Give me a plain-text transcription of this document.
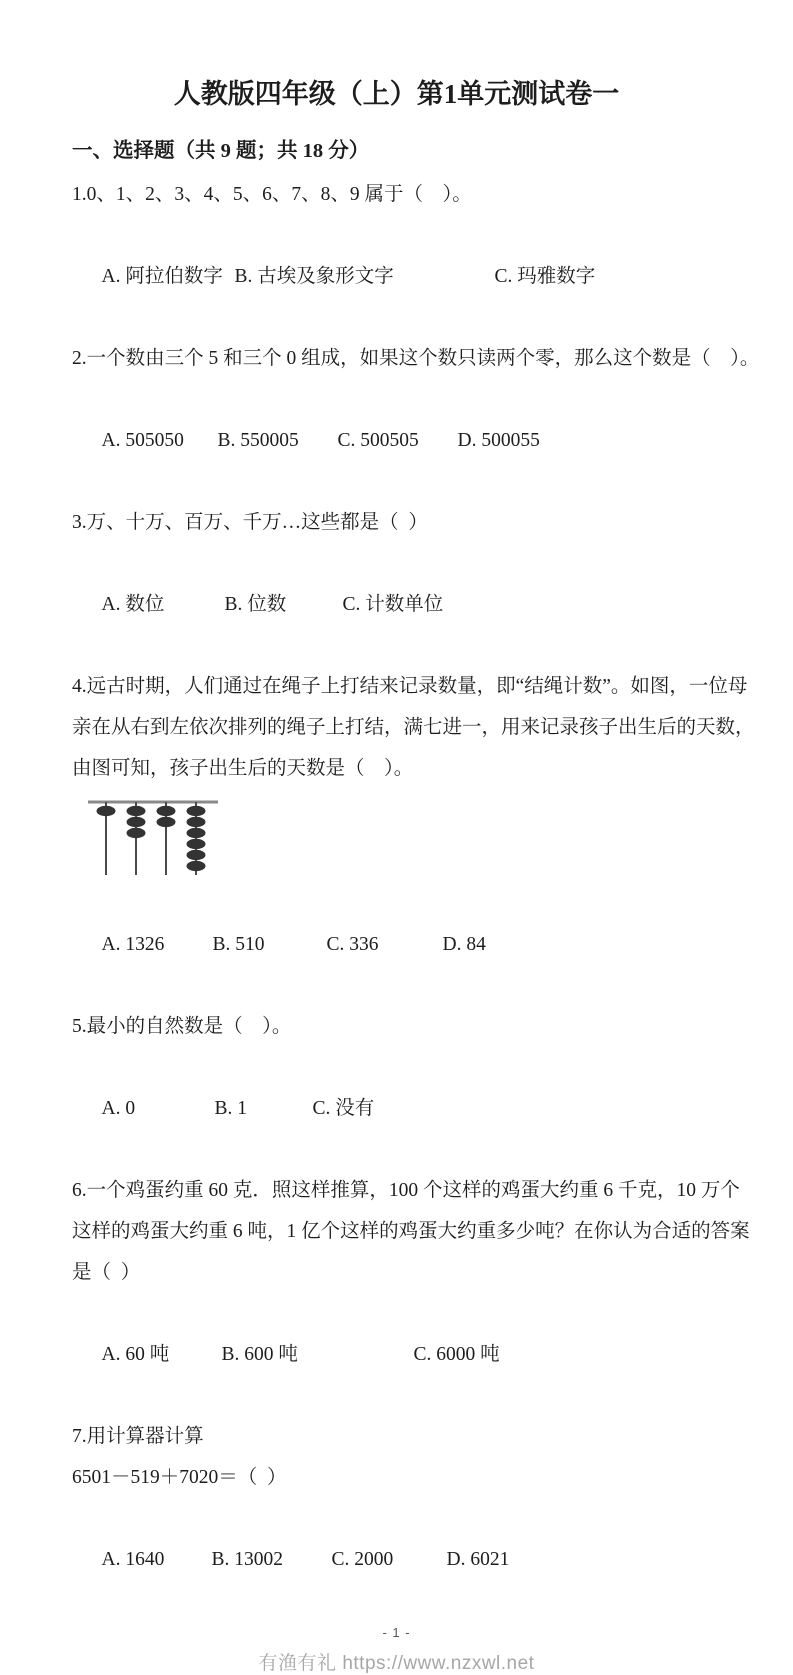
人教版四年级（上）第1单元测试卷一
一、选择题（共 9 题；共 18 分）

1.0、1、2、3、4、5、6、7、8、9 属于（    ）。

A. 阿拉伯数字 B. 古埃及象形文字	C. 玛雅数字

2.一个数由三个 5 和三个 0 组成，如果这个数只读两个零，那么这个数是（    ）。

A. 505050 B. 550005 C. 500505 D. 500055

3.万、十万、百万、千万…这些都是（  ）

A. 数位	B. 位数	C. 计数单位

4.远古时期，人们通过在绳子上打结来记录数量，即“结绳计数”。如图，一位母

亲在从右到左依次排列的绳子上打结，满七进一，用来记录孩子出生后的天数，

由图可知，孩子出生后的天数是（    ）。

A. 1326 B. 510	C. 336	D. 84

5.最小的自然数是（    ）。

A. 0	B. 1	C. 没有

6.一个鸡蛋约重 60 克．照这样推算，100 个这样的鸡蛋大约重 6 千克，10 万个

这样的鸡蛋大约重 6 吨，1 亿个这样的鸡蛋大约重多少吨？在你认为合适的答案

是（  ）

A. 60 吨	B. 600 吨	C. 6000 吨

7.用计算器计算

6501－519＋7020＝（  ）

A. 1640 B. 13002 C. 2000	D. 6021

- 1 -
有渔有礼 https://www.nzxwl.net
